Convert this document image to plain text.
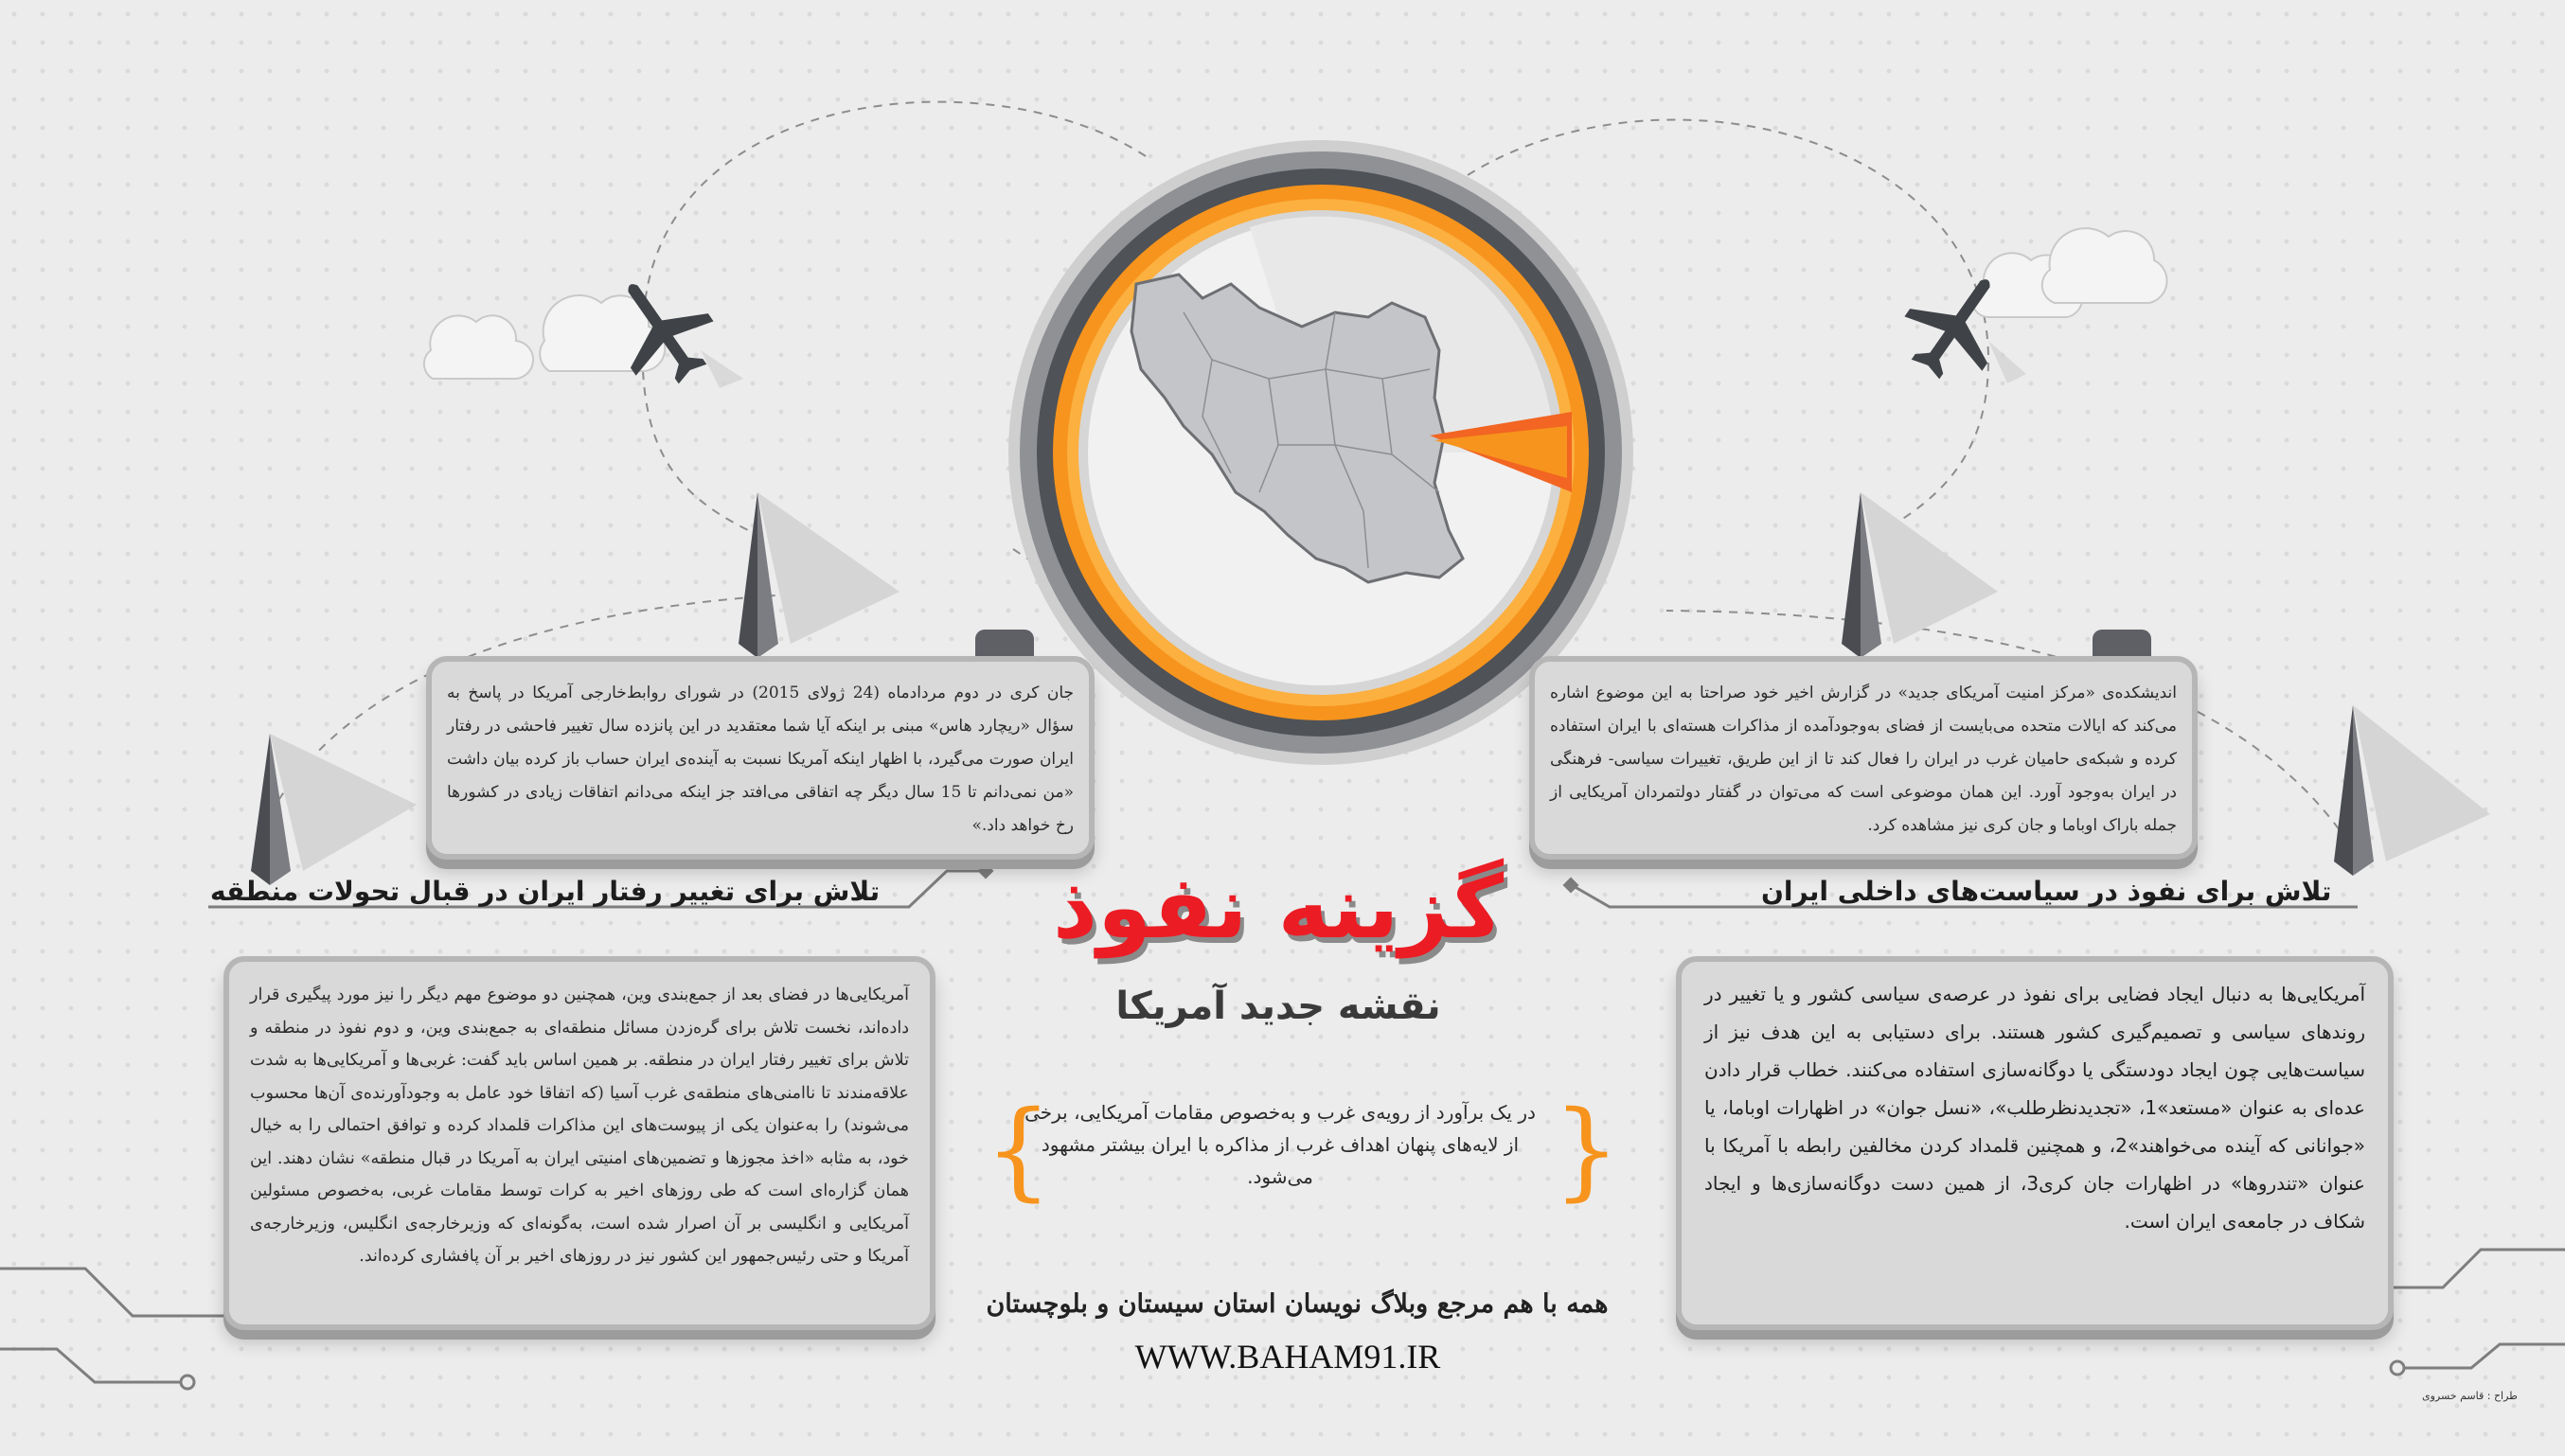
جان کری در دوم مردادماه (24 ژولای 2015) در شورای روابط‌خارجی آمریکا در پاسخ به سؤال «ریچارد هاس» مبنی بر اینکه آیا شما معتقدید در این پانزده سال تغییر فاحشی در رفتار ایران صورت می‌گیرد، با اظهار اینکه آمریکا نسبت به آینده‌ی ایران حساب باز کرده بیان داشت «من نمی‌دانم تا 15 سال دیگر چه اتفاقی می‌افتد جز اینکه می‌دانم اتفاقات زیادی در کشورها رخ خواهد داد.»
اندیشکده‌ی «مرکز امنیت آمریکای جدید» در گزارش اخیر خود صراحتا به این موضوع اشاره می‌کند که ایالات متحده می‌بایست از فضای به‌وجودآمده از مذاکرات هسته‌ای با ایران استفاده کرده و شبکه‌ی حامیان غرب در ایران را فعال کند تا از این طریق، تغییرات سیاسی- فرهنگی در ایران به‌وجود آورد. این همان موضوعی است که می‌توان در گفتار دولتمردان آمریکایی از جمله باراک اوباما و جان کری نیز مشاهده کرد.
تلاش برای تغییر رفتار ایران در قبال تحولات منطقه	تلاش برای نفوذ در سیاست‌های داخلی ایران
آمریکایی‌ها در فضای بعد از جمع‌بندی وین، همچنین دو موضوع مهم دیگر را نیز مورد پیگیری قرار داده‌اند، نخست تلاش برای گره‌زدن مسائل منطقه‌ای به جمع‌بندی وین، و دوم نفوذ در منطقه و تلاش برای تغییر رفتار ایران در منطقه. بر همین اساس باید گفت: غربی‌ها و آمریکایی‌ها به شدت علاقه‌مندند تا ناامنی‌های منطقه‌ی غرب آسیا (که اتفاقا خود عامل به وجودآورنده‌ی آن‌ها محسوب می‌شوند) را به‌عنوان یکی از پیوست‌های این مذاکرات قلمداد کرده و توافق احتمالی را به خیال خود، به مثابه «اخذ مجوزها و تضمین‌های امنیتی ایران به آمریکا در قبال منطقه» نشان دهند. این همان گزاره‌ای است که طی روزهای اخیر به کرات توسط مقامات غربی، به‌خصوص مسئولین آمریکایی و انگلیسی بر آن اصرار شده است، به‌گونه‌ای که وزیرخارجه‌ی انگلیس، وزیرخارجه‌ی آمریکا و حتی رئیس‌جمهور این کشور نیز در روزهای اخیر بر آن پافشاری کرده‌اند.
آمریکایی‌ها به دنبال ایجاد فضایی برای نفوذ در عرصه‌ی سیاسی کشور و یا تغییر در روندهای سیاسی و تصمیم‌گیری کشور هستند. برای دستیابی به این هدف نیز از سیاست‌هایی چون ایجاد دودستگی یا دوگانه‌سازی استفاده می‌کنند. خطاب قرار دادن عده‌ای به عنوان «مستعد»1، «تجدیدنظرطلب»، «نسل جوان» در اظهارات اوباما، یا «جوانانی که آینده می‌خواهند»2، و همچنین قلمداد کردن مخالفین رابطه با آمریکا با عنوان «تندروها» در اظهارات جان کری3، از همین دست دوگانه‌سازی‌ها و ایجاد شکاف در جامعه‌ی ایران است.
گزینه نفوذ
نقشه جدید آمریکا
{	}
در یک برآورد از رویه‌ی غرب و به‌خصوص مقامات آمریکایی، برخی از لایه‌های پنهان اهداف غرب از مذاکره با ایران بیشتر مشهود می‌شود.
همه با هم مرجع وبلاگ نویسان استان سیستان و بلوچستان
WWW.BAHAM91.IR
طراح : قاسم خسروی
